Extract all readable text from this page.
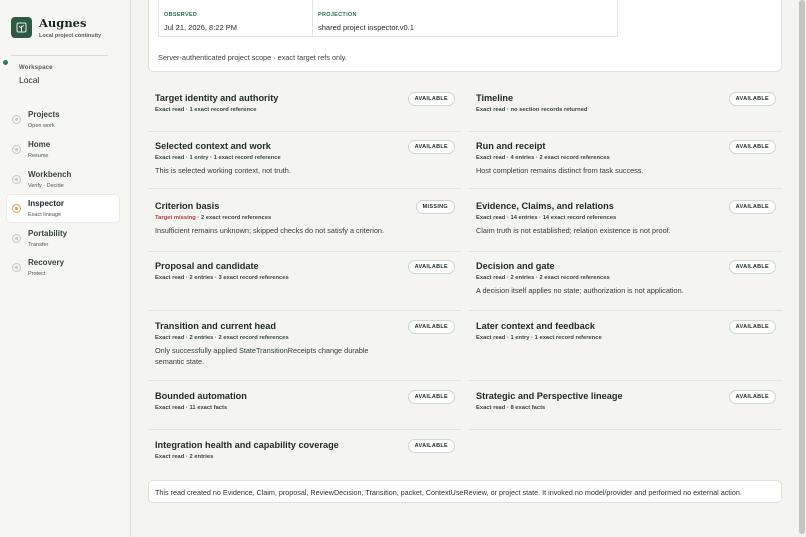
Augnes
Local project continuity
Workspace
Local
Projects
Open work
Home
Resume
Workbench
Verify · Decide
Inspector
Exact lineage
Portability
Transfer
Recovery
Protect
OBSERVED
Jul 21, 2026, 8:22 PM
PROJECTION
shared project inspector.v0.1
Server-authenticated project scope · exact target refs only.
Target identity and authority
Exact read · 1 exact record reference
AVAILABLE	Timeline
Exact read · no section records returned
AVAILABLE
Selected context and work
Exact read · 1 entry · 1 exact record reference
This is selected working context, not truth.
AVAILABLE	Run and receipt
Exact read · 4 entries · 2 exact record references
Host completion remains distinct from task success.
AVAILABLE
Criterion basis
Target missing · 2 exact record references
Insufficient remains unknown; skipped checks do not satisfy a criterion.
MISSING	Evidence, Claims, and relations
Exact read · 14 entries · 14 exact record references
Claim truth is not established; relation existence is not proof.
AVAILABLE
Proposal and candidate
Exact read · 2 entries · 3 exact record references
AVAILABLE	Decision and gate
Exact read · 2 entries · 2 exact record references
A decision itself applies no state; authorization is not application.
AVAILABLE
Transition and current head
Exact read · 2 entries · 2 exact record references
Only successfully applied StateTransitionReceipts change durable semantic state.
AVAILABLE	Later context and feedback
Exact read · 1 entry · 1 exact record reference
AVAILABLE
Bounded automation
Exact read · 11 exact facts
AVAILABLE	Strategic and Perspective lineage
Exact read · 8 exact facts
AVAILABLE
Integration health and capability coverage
Exact read · 2 entries
AVAILABLE
This read created no Evidence, Claim, proposal, ReviewDecision, Transition, packet, ContextUseReview, or project state. It invoked no model/provider and performed no external action.
